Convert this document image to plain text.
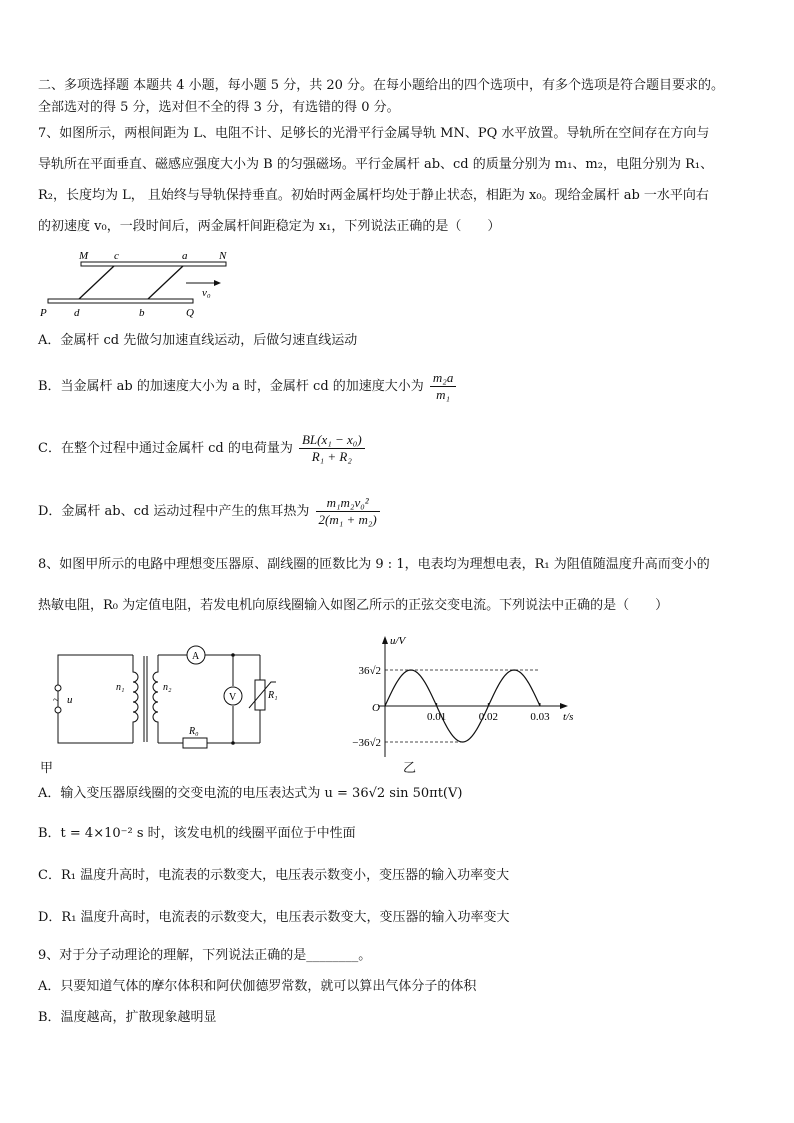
二、多项选择题 本题共 4 小题，每小题 5 分，共 20 分。在每小题给出的四个选项中，有多个选项是符合题目要求的。
全部选对的得 5 分，选对但不全的得 3 分，有选错的得 0 分。
7、如图所示，两根间距为 L、电阻不计、足够长的光滑平行金属导轨 MN、PQ 水平放置。导轨所在空间存在方向与
导轨所在平面垂直、磁感应强度大小为 B 的匀强磁场。平行金属杆 ab、cd 的质量分别为 m₁、m₂，电阻分别为 R₁、
R₂，长度均为 L， 且始终与导轨保持垂直。初始时两金属杆均处于静止状态，相距为 x₀。现给金属杆 ab 一水平向右
的初速度 v₀，一段时间后，两金属杆间距稳定为 x₁，下列说法正确的是（　　）
M c	a	N
v₀
P d	b	Q
A．金属杆 cd 先做匀加速直线运动，后做匀速直线运动
B．当金属杆 ab 的加速度大小为 a 时，金属杆 cd 的加速度大小为 $\frac{\text{m₂a}}{\text{m₁}}$
C．在整个过程中通过金属杆 cd 的电荷量为 $\frac{\text{BL(x₁ − x₀)}}{\text{R₁ + R₂}}$
D．金属杆 ab、cd 运动过程中产生的焦耳热为 $\frac{\text{m₁m₂v₀²}}{\text{2(m₁ + m₂)}}$
8、如图甲所示的电路中理想变压器原、副线圈的匝数比为 9 : 1，电表均为理想电表，R₁ 为阻值随温度升高而变小的
热敏电阻，R₀ 为定值电阻，若发电机向原线圈输入如图乙所示的正弦交变电流。下列说法中正确的是（　　）
u
~
n₁	n₂
A
V	R₁
R₀
甲
36√2
−36√2
0.01	0.02	0.03
u/V
t/s
O
乙
A．输入变压器原线圈的交变电流的电压表达式为 u = 36√2 sin 50πt(V)
B．t = 4×10⁻² s 时，该发电机的线圈平面位于中性面
C．R₁ 温度升高时，电流表的示数变大，电压表示数变小，变压器的输入功率变大
D．R₁ 温度升高时，电流表的示数变大，电压表示数变大，变压器的输入功率变大
9、对于分子动理论的理解，下列说法正确的是________。
A．只要知道气体的摩尔体积和阿伏伽德罗常数，就可以算出气体分子的体积
B．温度越高，扩散现象越明显
